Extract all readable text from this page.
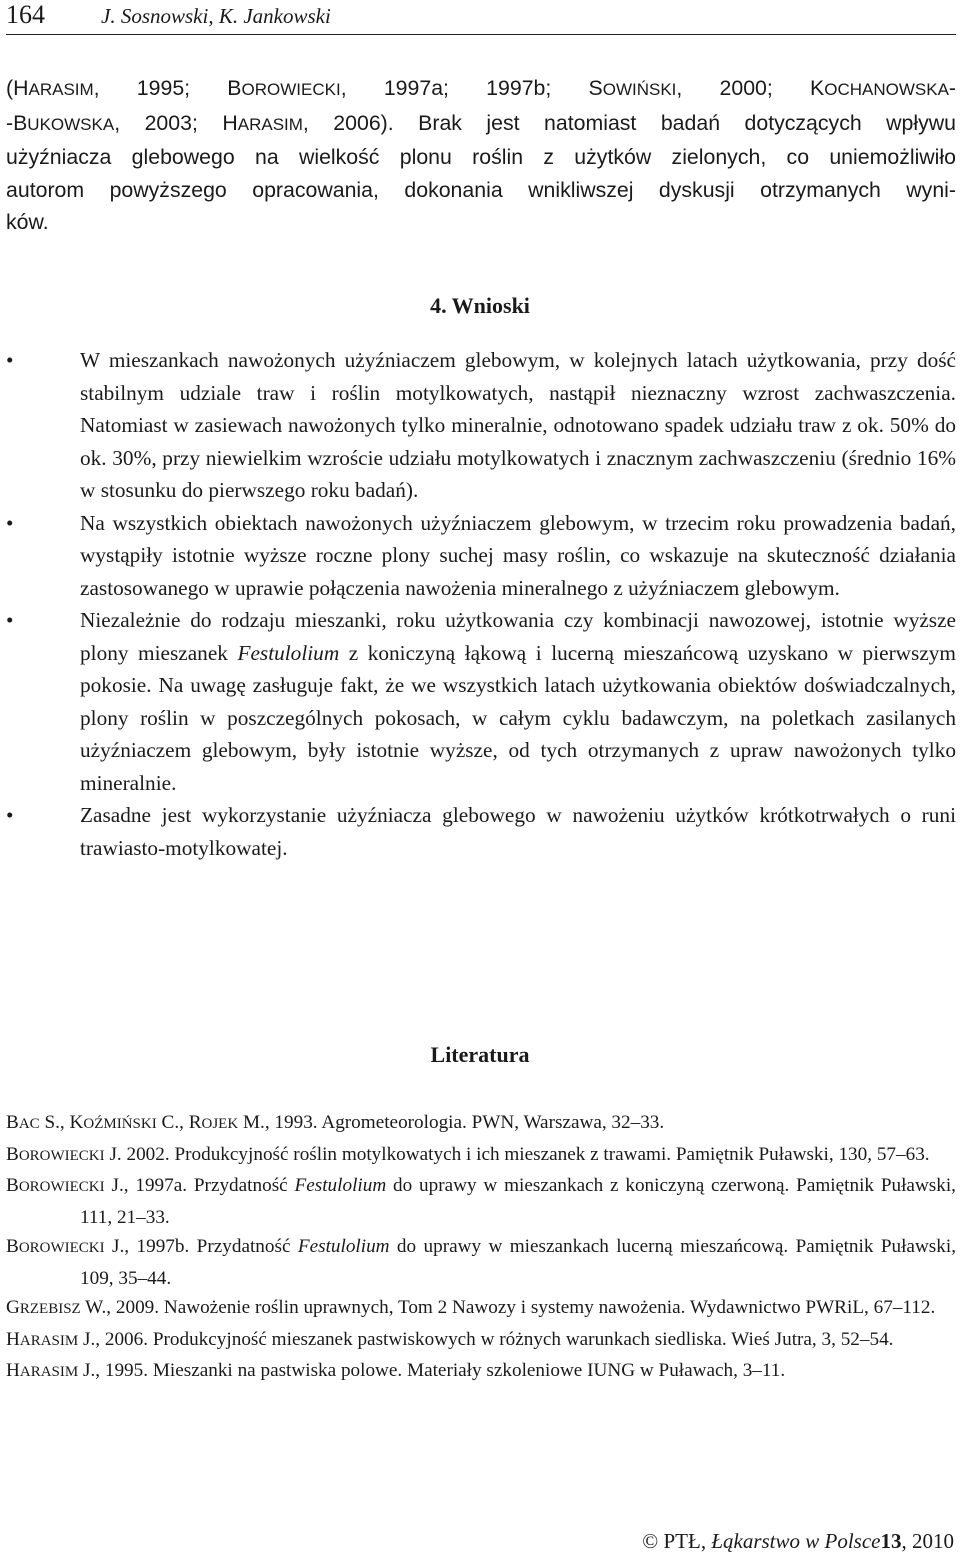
164	J. Sosnowski, K. Jankowski
(HARASIM, 1995; BOROWIECKI, 1997a; 1997b; SOWIŃSKI, 2000; KOCHANOWSKA-
-BUKOWSKA, 2003; HARASIM, 2006). Brak jest natomiast badań dotyczących wpływu
użyźniacza glebowego na wielkość plonu roślin z użytków zielonych, co uniemożliwiło
autorom powyższego opracowania, dokonania wnikliwszej dyskusji otrzymanych wyni-
ków.
4. Wnioski
•	W mieszankach nawożonych użyźniaczem glebowym, w kolejnych latach użytkowania, przy dość stabilnym udziale traw i roślin motylkowatych, nastąpił nieznaczny wzrost zachwaszczenia. Natomiast w zasiewach nawożonych tylko mineralnie, odnotowano spadek udziału traw z ok. 50% do ok. 30%, przy niewielkim wzroście udziału motylkowatych i znacznym zachwaszczeniu (średnio 16% w stosunku do pierwszego roku badań).
•	Na wszystkich obiektach nawożonych użyźniaczem glebowym, w trzecim roku prowadzenia badań, wystąpiły istotnie wyższe roczne plony suchej masy roślin, co wskazuje na skuteczność działania zastosowanego w uprawie połączenia nawożenia mineralnego z użyźniaczem glebowym.
•	Niezależnie do rodzaju mieszanki, roku użytkowania czy kombinacji nawozowej, istotnie wyższe plony mieszanek Festulolium z koniczyną łąkową i lucerną mieszańcową uzyskano w pierwszym pokosie. Na uwagę zasługuje fakt, że we wszystkich latach użytkowania obiektów doświadczalnych, plony roślin w poszczególnych pokosach, w całym cyklu badawczym, na poletkach zasilanych użyźniaczem glebowym, były istotnie wyższe, od tych otrzymanych z upraw nawożonych tylko mineralnie.
•	Zasadne jest wykorzystanie użyźniacza glebowego w nawożeniu użytków krótkotrwałych o runi trawiasto-motylkowatej.
Literatura
BAC S., KOŹMIŃSKI C., ROJEK M., 1993. Agrometeorologia. PWN, Warszawa, 32–33.
BOROWIECKI J. 2002. Produkcyjność roślin motylkowatych i ich mieszanek z trawami. Pamiętnik Puławski, 130, 57–63.
BOROWIECKI J., 1997a. Przydatność Festulolium do uprawy w mieszankach z koniczyną czerwoną. Pamiętnik Puławski, 111, 21–33.
BOROWIECKI J., 1997b. Przydatność Festulolium do uprawy w mieszankach lucerną mieszańcową. Pamiętnik Puławski, 109, 35–44.
GRZEBISZ W., 2009. Nawożenie roślin uprawnych, Tom 2 Nawozy i systemy nawożenia. Wydawnictwo PWRiL, 67–112.
HARASIM J., 2006. Produkcyjność mieszanek pastwiskowych w różnych warunkach siedliska. Wieś Jutra, 3, 52–54.
HARASIM J., 1995. Mieszanki na pastwiska polowe. Materiały szkoleniowe IUNG w Puławach, 3–11.
© PTŁ, Łąkarstwo w Polsce13, 2010
